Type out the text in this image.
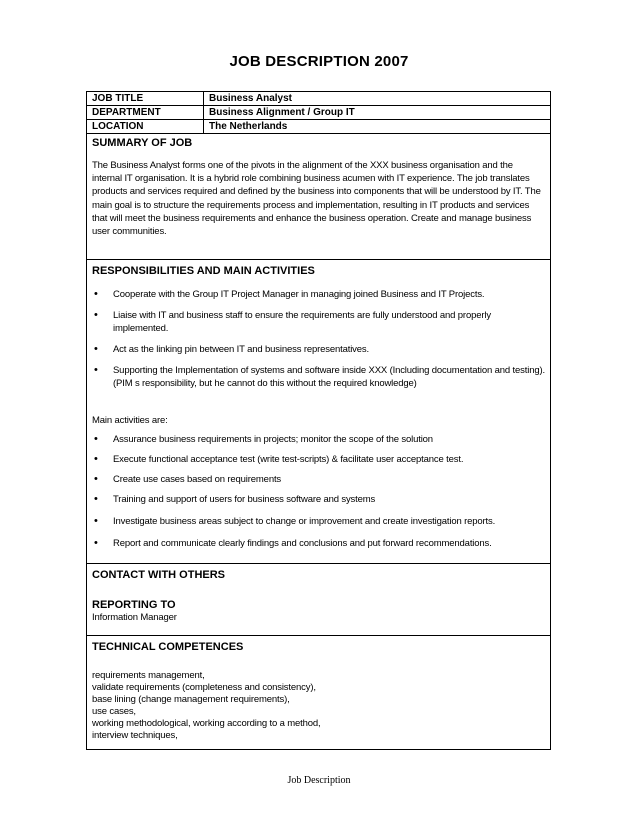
JOB DESCRIPTION 2007
JOB TITLE	Business Analyst
DEPARTMENT	Business Alignment / Group IT
LOCATION	The Netherlands
SUMMARY OF JOB
The Business Analyst forms one of the pivots in the alignment of the XXX business organisation and the internal IT organisation. It is a hybrid role combining business acumen with IT experience. The job translates products and services required and defined by the business into components that will be understood by IT. The main goal is to structure the requirements process and implementation, resulting in IT products and services that will meet the business requirements and enhance the business operation. Create and manage business user communities.
RESPONSIBILITIES AND MAIN ACTIVITIES
• Cooperate with the Group IT Project Manager in managing joined Business and IT Projects.
• Liaise with IT and business staff to ensure the requirements are fully understood and properly implemented.
• Act as the linking pin between IT and business representatives.
• Supporting the Implementation of systems and software inside XXX (Including documentation and testing). (PIM s responsibility, but he cannot do this without the required knowledge)
Main activities are:
• Assurance business requirements in projects; monitor the scope of the solution
• Execute functional acceptance test (write test-scripts) & facilitate user acceptance test.
• Create use cases based on requirements
• Training and support of users for business software and systems
• Investigate business areas subject to change or improvement and create investigation reports.
• Report and communicate clearly findings and conclusions and put forward recommendations.
CONTACT WITH OTHERS
REPORTING TO
Information Manager
TECHNICAL COMPETENCES
requirements management,
validate requirements (completeness and consistency),
base lining (change management requirements),
use cases,
working methodological, working according to a method,
interview techniques,
Job Description
